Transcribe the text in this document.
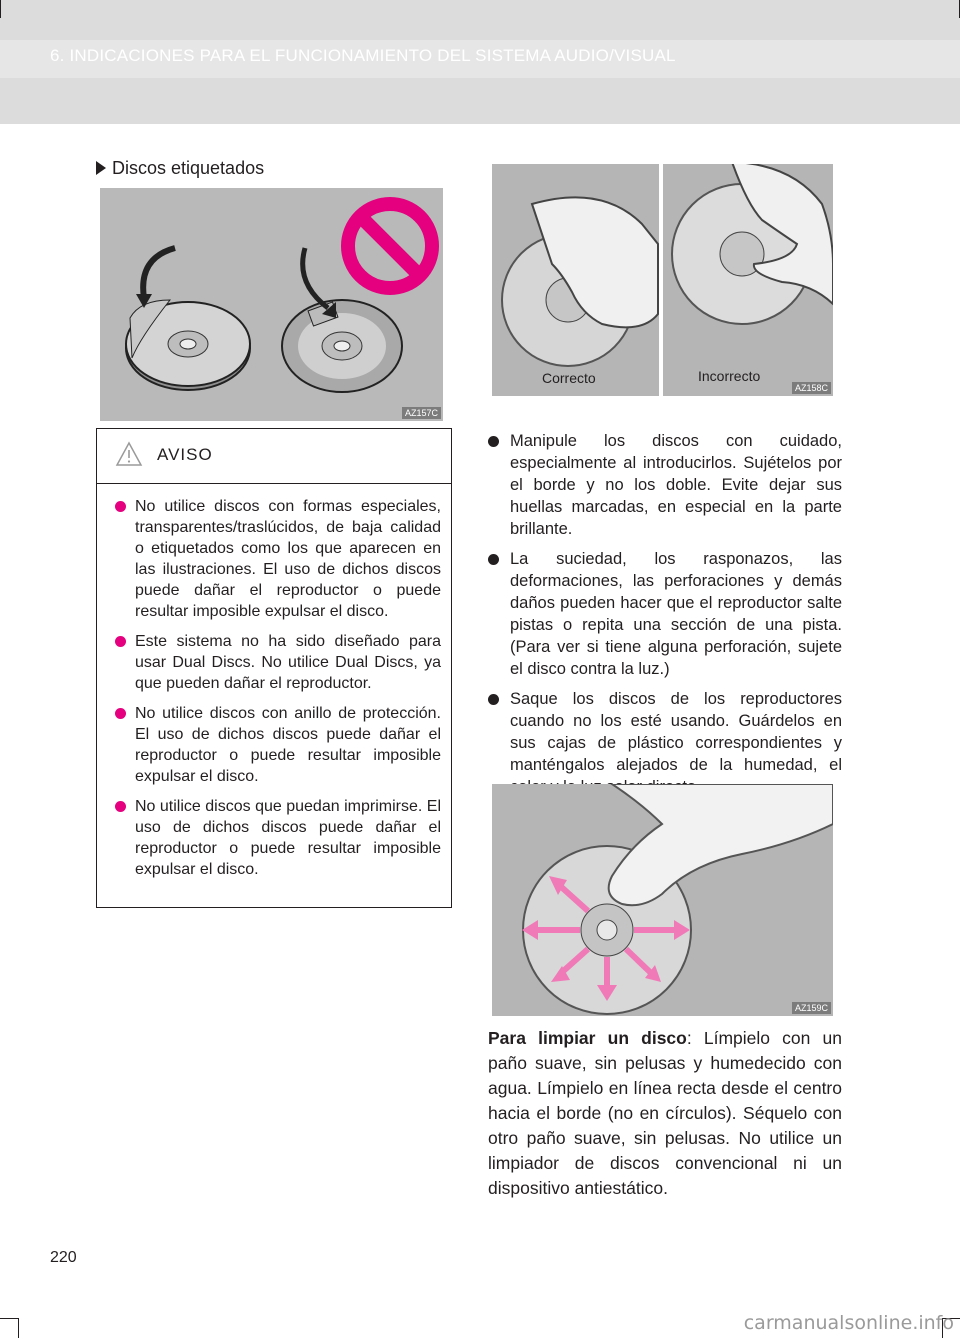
6. INDICACIONES PARA EL FUNCIONAMIENTO DEL SISTEMA AUDIO/VISUAL
Discos etiquetados
AZ157C
Correcto	Incorrecto
AZ158C
AVISO
No utilice discos con formas especiales, transparentes/traslúcidos, de baja calidad o etiquetados como los que aparecen en las ilustraciones. El uso de dichos discos puede dañar el reproductor o puede resultar imposible expulsar el disco.
Este sistema no ha sido diseñado para usar Dual Discs. No utilice Dual Discs, ya que pueden dañar el reproductor.
No utilice discos con anillo de protección. El uso de dichos discos puede dañar el reproductor o puede resultar imposible expulsar el disco.
No utilice discos que puedan imprimirse. El uso de dichos discos puede dañar el reproductor o puede resultar imposible expulsar el disco.
Manipule los discos con cuidado, especialmente al introducirlos. Sujételos por el borde y no los doble. Evite dejar sus huellas marcadas, en especial en la parte brillante.
La suciedad, los rasponazos, las deformaciones, las perforaciones y demás daños pueden hacer que el reproductor salte pistas o repita una sección de una pista. (Para ver si tiene alguna perforación, sujete el disco contra la luz.)
Saque los discos de los reproductores cuando no los esté usando. Guárdelos en sus cajas de plástico correspondientes y manténgalos alejados de la humedad, el
AZ159C
Para limpiar un disco: Límpielo con un paño suave, sin pelusas y humedecido con agua. Límpielo en línea recta desde el centro hacia el borde (no en círculos). Séquelo con otro paño suave, sin pelusas. No utilice un limpiador de discos convencional ni un dispositivo antiestático.
220
carmanualsonline.info
